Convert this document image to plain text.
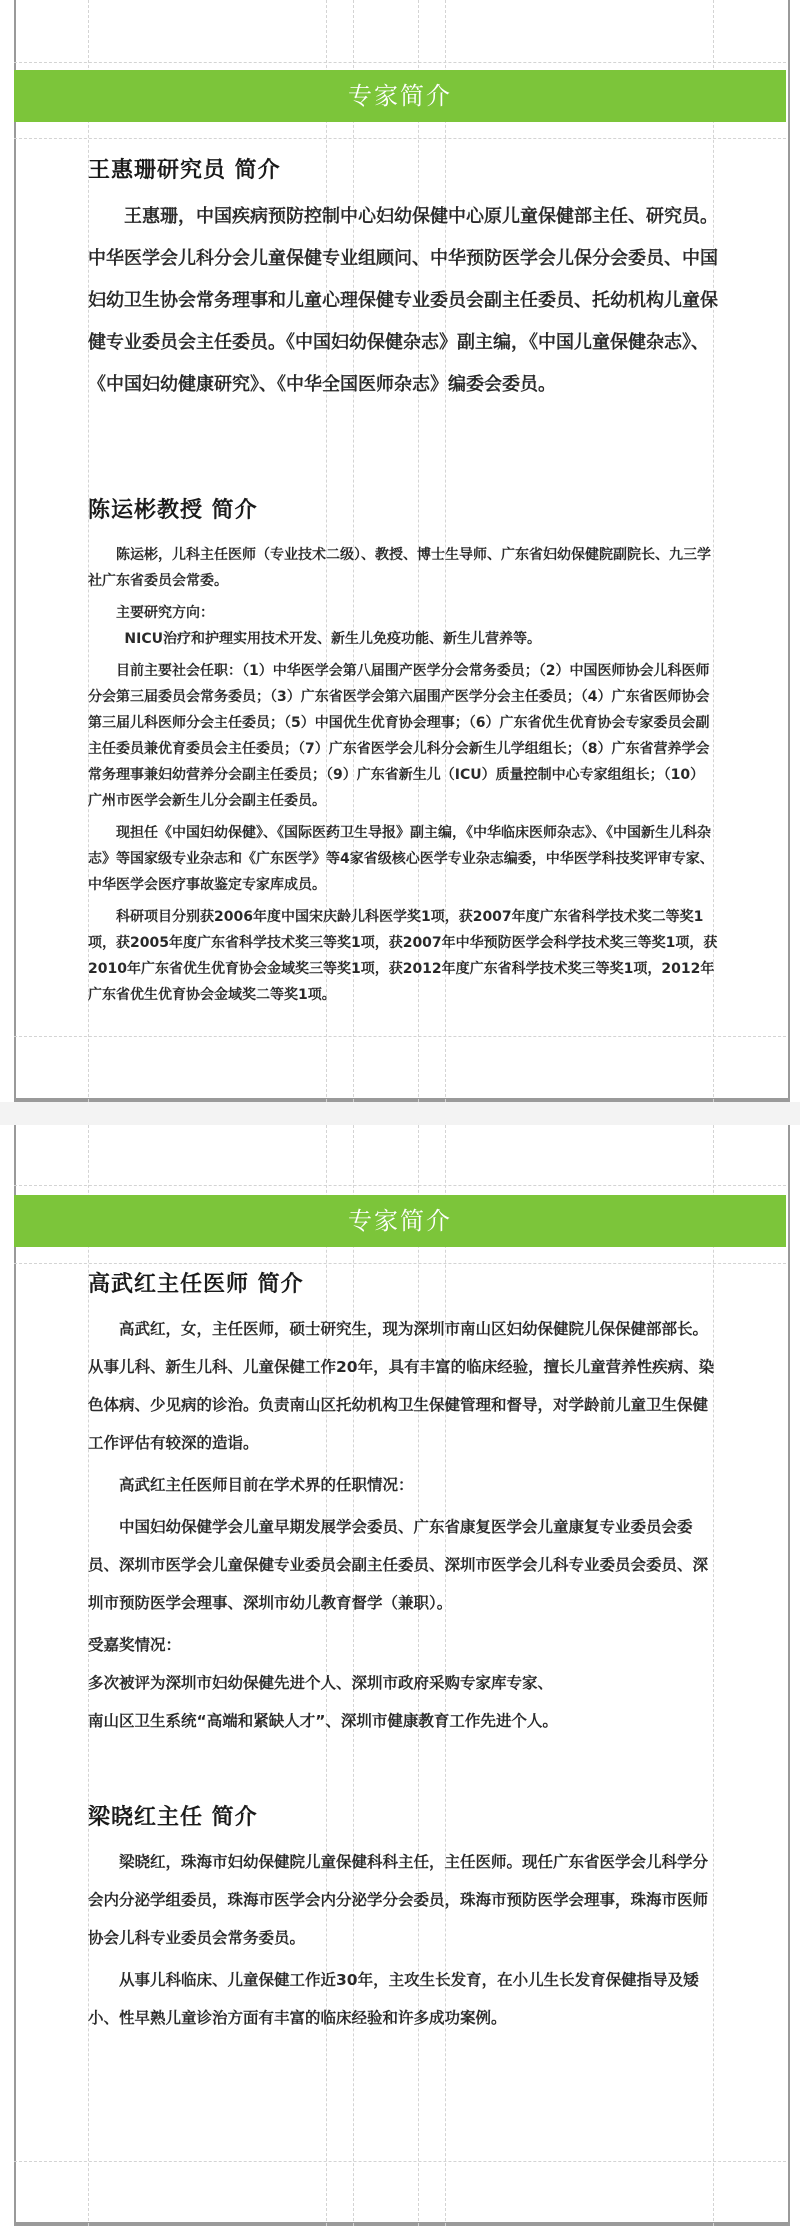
专家简介
王惠珊研究员 简介

王惠珊，中国疾病预防控制中心妇幼保健中心原儿童保健部主任、研究员。中华医学会儿科分会儿童保健专业组顾问、中华预防医学会儿保分会委员、中国妇幼卫生协会常务理事和儿童心理保健专业委员会副主任委员、托幼机构儿童保健专业委员会主任委员。《中国妇幼保健杂志》副主编，《中国儿童保健杂志》、《中国妇幼健康研究》、《中华全国医师杂志》编委会委员。

陈运彬教授 简介

陈运彬，儿科主任医师（专业技术二级）、教授、博士生导师、广东省妇幼保健院副院长、九三学社广东省委员会常委。

主要研究方向：

NICU治疗和护理实用技术开发、新生儿免疫功能、新生儿营养等。

目前主要社会任职：（1）中华医学会第八届围产医学分会常务委员；（2）中国医师协会儿科医师分会第三届委员会常务委员；（3）广东省医学会第六届围产医学分会主任委员；（4）广东省医师协会第三届儿科医师分会主任委员；（5）中国优生优育协会理事；（6）广东省优生优育协会专家委员会副主任委员兼优育委员会主任委员；（7）广东省医学会儿科分会新生儿学组组长；（8）广东省营养学会常务理事兼妇幼营养分会副主任委员；（9）广东省新生儿（ICU）质量控制中心专家组组长；（10）广州市医学会新生儿分会副主任委员。

现担任《中国妇幼保健》、《国际医药卫生导报》副主编，《中华临床医师杂志》、《中国新生儿科杂志》等国家级专业杂志和《广东医学》等4家省级核心医学专业杂志编委，中华医学科技奖评审专家、中华医学会医疗事故鉴定专家库成员。

科研项目分别获2006年度中国宋庆龄儿科医学奖1项，获2007年度广东省科学技术奖二等奖1项，获2005年度广东省科学技术奖三等奖1项，获2007年中华预防医学会科学技术奖三等奖1项，获2010年广东省优生优育协会金域奖三等奖1项，获2012年度广东省科学技术奖三等奖1项，2012年广东省优生优育协会金域奖二等奖1项。

专家简介
高武红主任医师 简介

高武红，女，主任医师，硕士研究生，现为深圳市南山区妇幼保健院儿保保健部部长。从事儿科、新生儿科、儿童保健工作20年，具有丰富的临床经验，擅长儿童营养性疾病、染色体病、少见病的诊治。负责南山区托幼机构卫生保健管理和督导，对学龄前儿童卫生保健工作评估有较深的造诣。

高武红主任医师目前在学术界的任职情况：

中国妇幼保健学会儿童早期发展学会委员、广东省康复医学会儿童康复专业委员会委员、深圳市医学会儿童保健专业委员会副主任委员、深圳市医学会儿科专业委员会委员、深圳市预防医学会理事、深圳市幼儿教育督学（兼职）。

受嘉奖情况：

多次被评为深圳市妇幼保健先进个人、深圳市政府采购专家库专家、

南山区卫生系统“高端和紧缺人才”、深圳市健康教育工作先进个人。

梁晓红主任 简介

梁晓红，珠海市妇幼保健院儿童保健科科主任，主任医师。现任广东省医学会儿科学分会内分泌学组委员，珠海市医学会内分泌学分会委员，珠海市预防医学会理事，珠海市医师协会儿科专业委员会常务委员。

从事儿科临床、儿童保健工作近30年，主攻生长发育，在小儿生长发育保健指导及矮小、性早熟儿童诊治方面有丰富的临床经验和许多成功案例。
